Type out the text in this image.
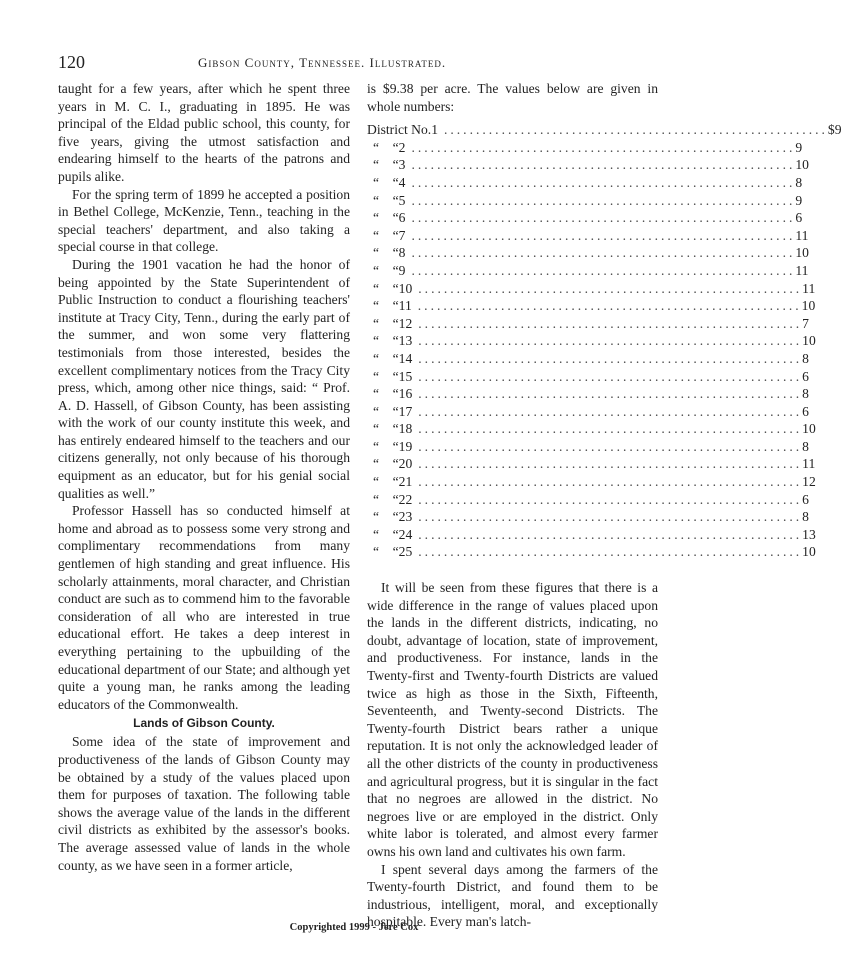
120	Gibson County, Tennessee. Illustrated.

taught for a few years, after which he spent three years in M. C. I., graduating in 1895. He was principal of the Eldad public school, this county, for five years, giving the utmost satisfaction and endearing himself to the hearts of the patrons and pupils alike.

For the spring term of 1899 he accepted a position in Bethel College, McKenzie, Tenn., teaching in the special teachers' department, and also taking a special course in that college.

During the 1901 vacation he had the honor of being appointed by the State Superintendent of Public Instruction to conduct a flourishing teachers' institute at Tracy City, Tenn., during the early part of the summer, and won some very flattering testimonials from those interested, besides the excellent complimentary notices from the Tracy City press, which, among other nice things, said: “ Prof. A. D. Hassell, of Gibson County, has been assisting with the work of our county institute this week, and has entirely endeared himself to the teachers and our citizens generally, not only because of his thorough equipment as an educator, but for his genial social qualities as well.”

Professor Hassell has so conducted himself at home and abroad as to possess some very strong and complimentary recommendations from many gentlemen of high standing and great influence. His scholarly attainments, moral character, and Christian conduct are such as to commend him to the favorable consideration of all who are interested in true educational effort. He takes a deep interest in everything pertaining to the upbuilding of the educational department of our State; and although yet quite a young man, he ranks among the leading educators of the Commonwealth.

Lands of Gibson County.

Some idea of the state of improvement and productiveness of the lands of Gibson County may be obtained by a study of the values placed upon them for purposes of taxation. The following table shows the average value of the lands in the different civil districts as exhibited by the assessor's books. The average assessed value of lands in the whole county, as we have seen in a former article,

is $9.38 per acre. The values below are given in whole numbers:

District No. 1 ............................................................ $ 9
“    “ 2 ............................................................ 9
“    “ 3 ............................................................ 10
“    “ 4 ............................................................ 8
“    “ 5 ............................................................ 9
“    “ 6 ............................................................ 6
“    “ 7 ............................................................ 11
“    “ 8 ............................................................ 10
“    “ 9 ............................................................ 11
“    “ 10 ............................................................ 11
“    “ 11 ............................................................ 10
“    “ 12 ............................................................ 7
“    “ 13 ............................................................ 10
“    “ 14 ............................................................ 8
“    “ 15 ............................................................ 6
“    “ 16 ............................................................ 8
“    “ 17 ............................................................ 6
“    “ 18 ............................................................ 10
“    “ 19 ............................................................ 8
“    “ 20 ............................................................ 11
“    “ 21 ............................................................ 12
“    “ 22 ............................................................ 6
“    “ 23 ............................................................ 8
“    “ 24 ............................................................ 13
“    “ 25 ............................................................ 10

It will be seen from these figures that there is a wide difference in the range of values placed upon the lands in the different districts, indicating, no doubt, advantage of location, state of improvement, and productiveness. For instance, lands in the Twenty-first and Twenty-fourth Districts are valued twice as high as those in the Sixth, Fifteenth, Seventeenth, and Twenty-second Districts. The Twenty-fourth District bears rather a unique reputation. It is not only the acknowledged leader of all the other districts of the county in productiveness and agricultural progress, but it is singular in the fact that no negroes are allowed in the district. No negroes live or are employed in the district. Only white labor is tolerated, and almost every farmer owns his own land and cultivates his own farm.

I spent several days among the farmers of the Twenty-fourth District, and found them to be industrious, intelligent, moral, and exceptionally hospitable. Every man's latch-

Copyrighted 1999 - Jere Cox
